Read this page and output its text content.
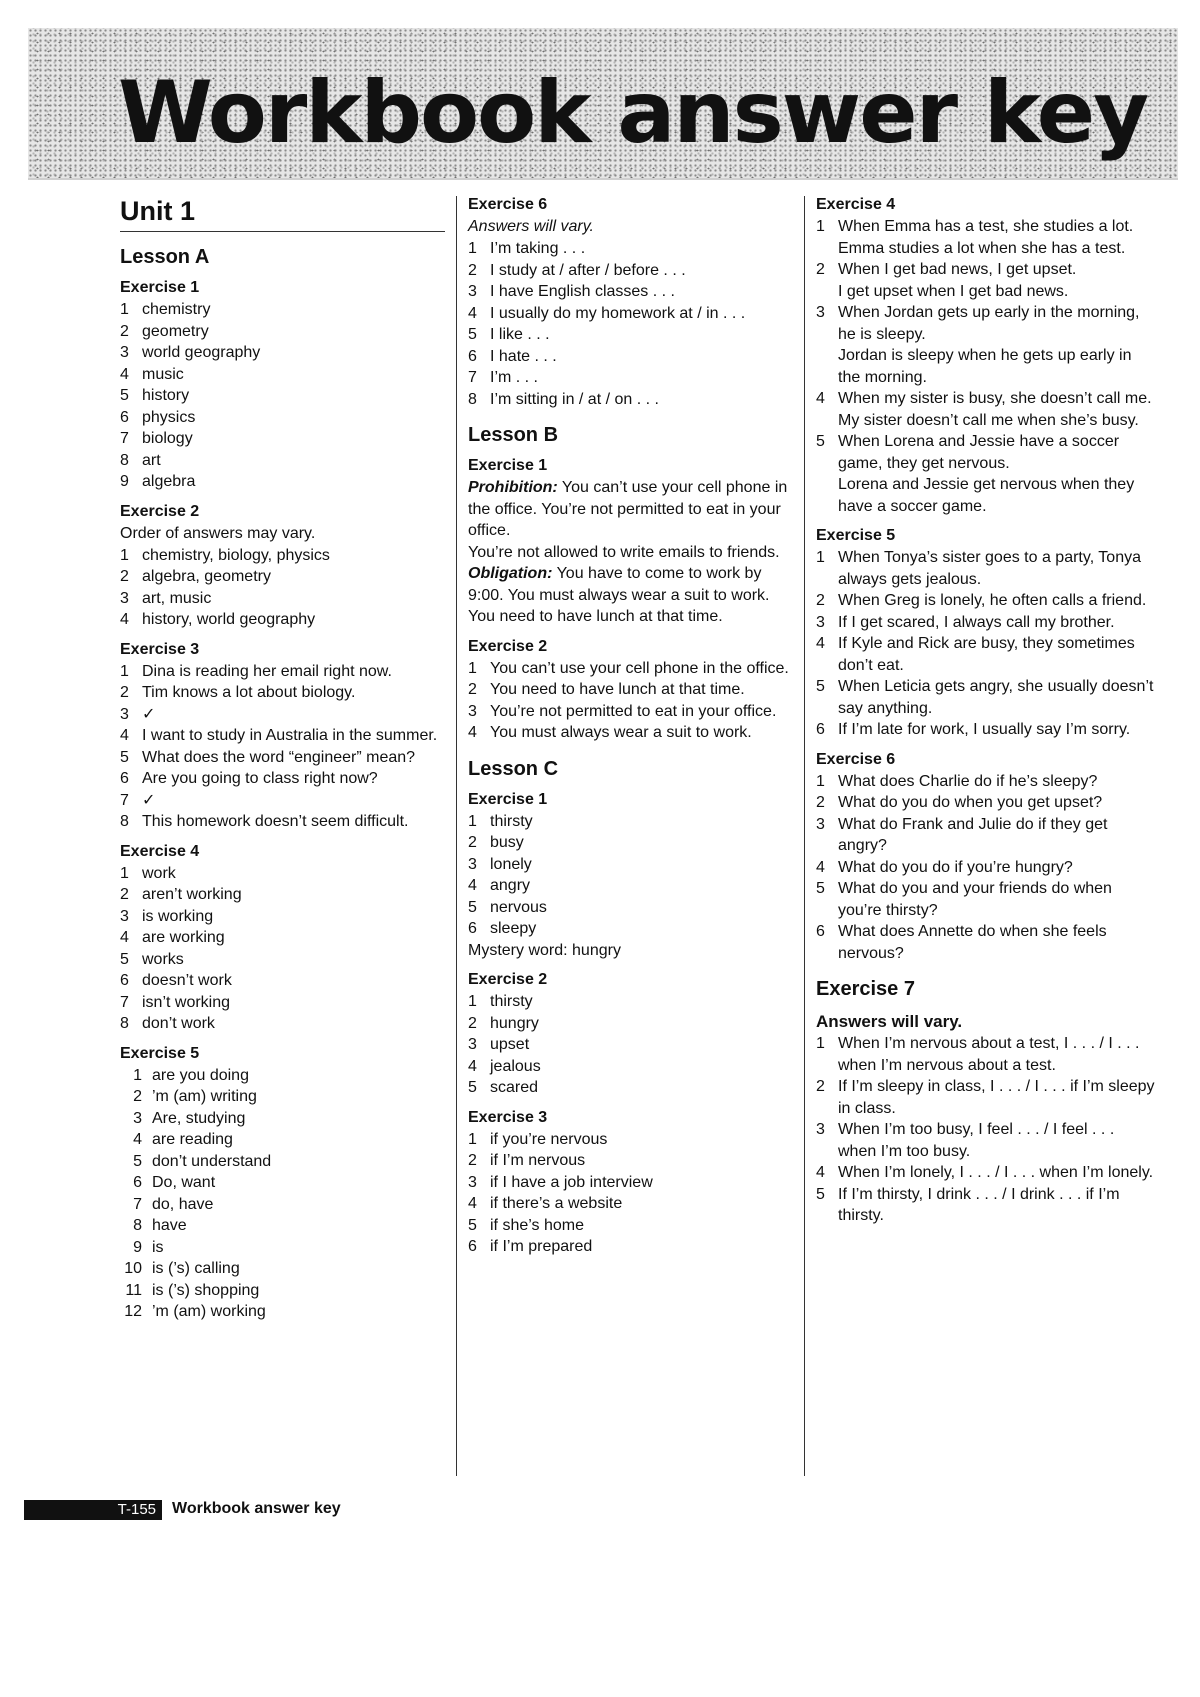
Workbook answer key
Unit 1
Lesson A
Exercise 1
1 chemistry
2 geometry
3 world geography
4 music
5 history
6 physics
7 biology
8 art
9 algebra
Exercise 2

Order of answers may vary.

1 chemistry, biology, physics
2 algebra, geometry
3 art, music
4 history, world geography
Exercise 3
1 Dina is reading her email right now.
2 Tim knows a lot about biology.
3 ✓
4 I want to study in Australia in the summer.
5 What does the word “engineer” mean?
6 Are you going to class right now?
7 ✓
8 This homework doesn’t seem difficult.
Exercise 4
1 work
2 aren’t working
3 is working
4 are working
5 works
6 doesn’t work
7 isn’t working
8 don’t work
Exercise 5
1 are you doing
2 ’m (am) writing
3 Are, studying
4 are reading
5 don’t understand
6 Do, want
7 do, have
8 have
9 is
10 is (’s) calling
11 is (’s) shopping
12 ’m (am) working
Exercise 6

Answers will vary.

1 I’m taking . . .
2 I study at / after / before . . .
3 I have English classes . . .
4 I usually do my homework at / in . . .
5 I like . . .
6 I hate . . .
7 I’m . . .
8 I’m sitting in / at / on . . .
Lesson B
Exercise 1

Prohibition: You can’t use your cell phone in the office. You’re not permitted to eat in your office.

You’re not allowed to write emails to friends.

Obligation: You have to come to work by 9:00. You must always wear a suit to work. You need to have lunch at that time.

Exercise 2
1 You can’t use your cell phone in the office.
2 You need to have lunch at that time.
3 You’re not permitted to eat in your office.
4 You must always wear a suit to work.
Lesson C
Exercise 1
1 thirsty
2 busy
3 lonely
4 angry
5 nervous
6 sleepy

Mystery word: hungry

Exercise 2
1 thirsty
2 hungry
3 upset
4 jealous
5 scared
Exercise 3
1 if you’re nervous
2 if I’m nervous
3 if I have a job interview
4 if there’s a website
5 if she’s home
6 if I’m prepared
Exercise 4
1 When Emma has a test, she studies a lot.
Emma studies a lot when she has a test.
2 When I get bad news, I get upset.
I get upset when I get bad news.
3 When Jordan gets up early in the morning, he is sleepy.
Jordan is sleepy when he gets up early in the morning.
4 When my sister is busy, she doesn’t call me.
My sister doesn’t call me when she’s busy.
5 When Lorena and Jessie have a soccer game, they get nervous.
Lorena and Jessie get nervous when they have a soccer game.
Exercise 5
1 When Tonya’s sister goes to a party, Tonya always gets jealous.
2 When Greg is lonely, he often calls a friend.
3 If I get scared, I always call my brother.
4 If Kyle and Rick are busy, they sometimes don’t eat.
5 When Leticia gets angry, she usually doesn’t say anything.
6 If I’m late for work, I usually say I’m sorry.
Exercise 6
1 What does Charlie do if he’s sleepy?
2 What do you do when you get upset?
3 What do Frank and Julie do if they get angry?
4 What do you do if you’re hungry?
5 What do you and your friends do when you’re thirsty?
6 What does Annette do when she feels nervous?
Exercise 7

Answers will vary.

1 When I’m nervous about a test, I . . . / I . . . when I’m nervous about a test.
2 If I’m sleepy in class, I . . . / I . . . if I’m sleepy in class.
3 When I’m too busy, I feel . . . / I feel . . . when I’m too busy.
4 When I’m lonely, I . . . / I . . . when I’m lonely.
5 If I’m thirsty, I drink . . . / I drink . . . if I’m thirsty.
T-155 Workbook answer key
